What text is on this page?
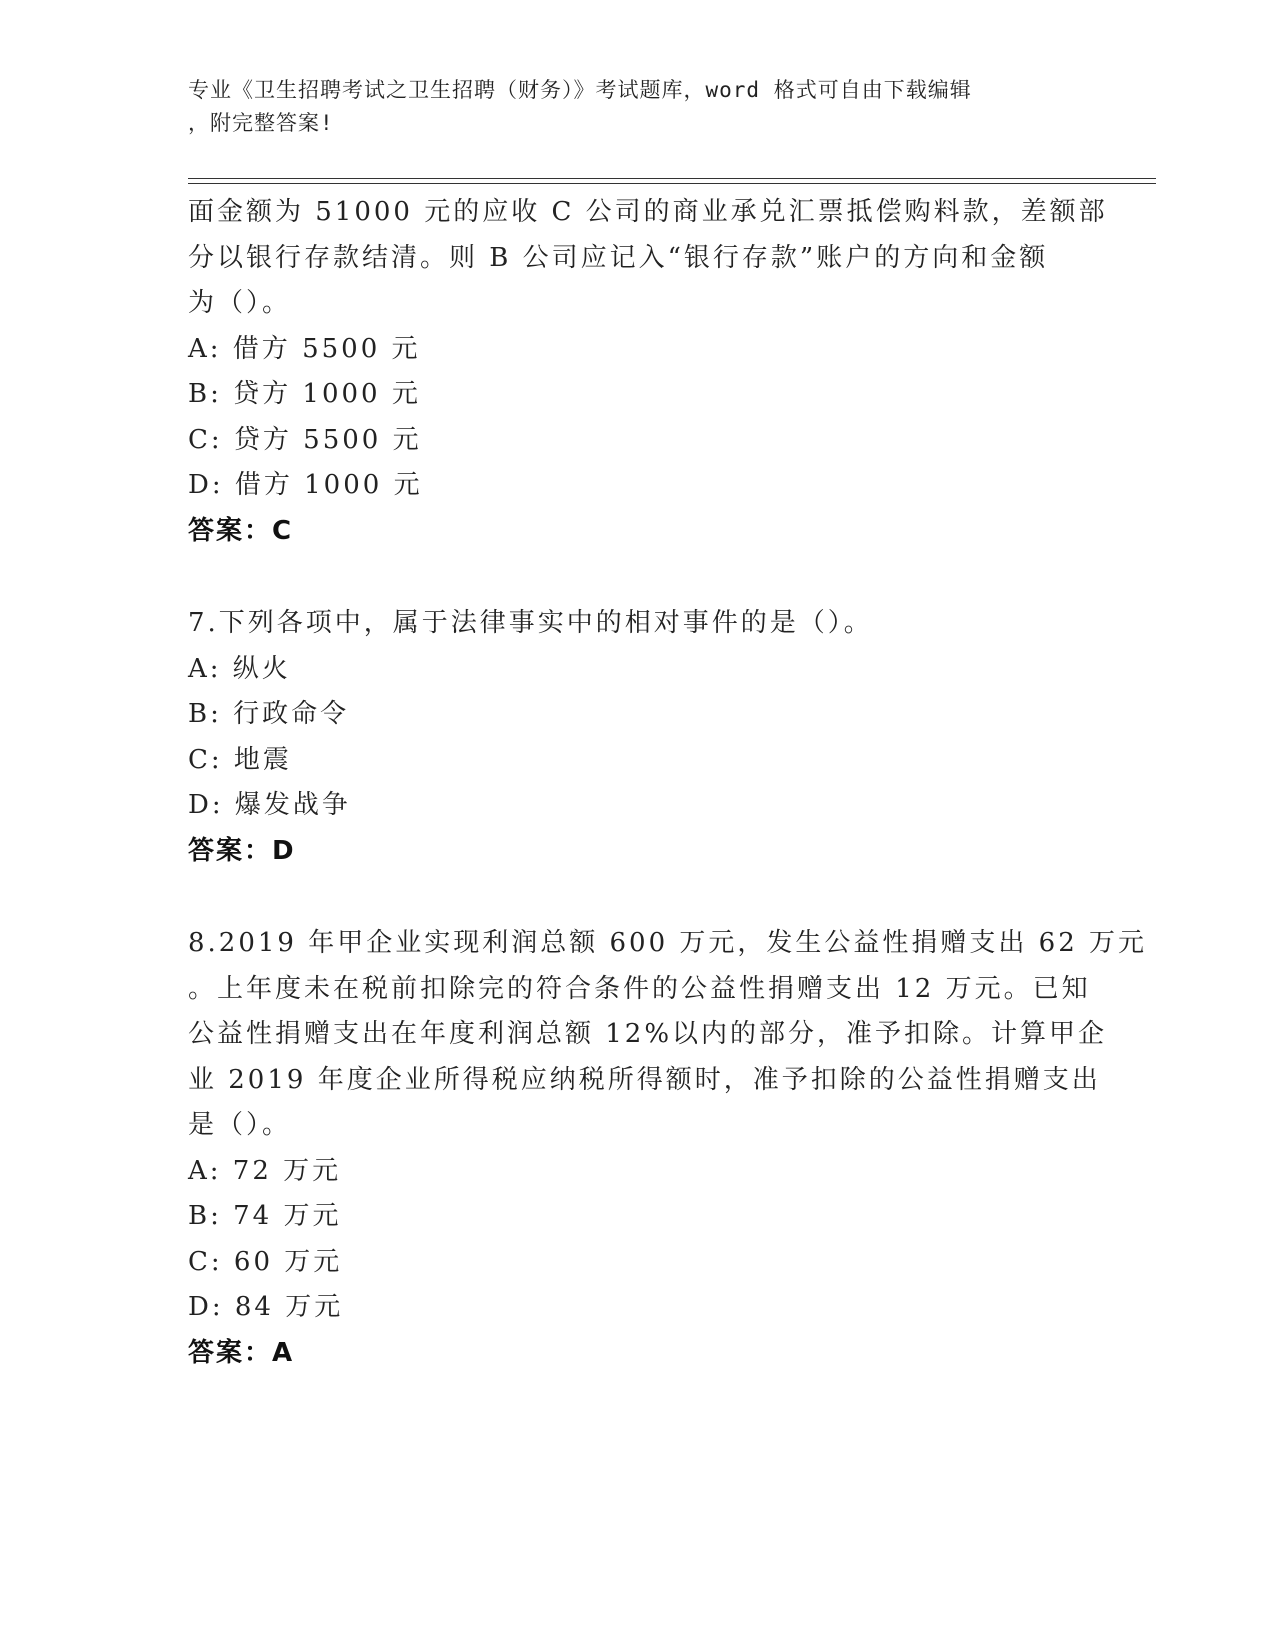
专业《卫生招聘考试之卫生招聘（财务）》考试题库，word 格式可自由下载编辑
，附完整答案!
面金额为 51000 元的应收 C 公司的商业承兑汇票抵偿购料款，差额部
分以银行存款结清。则 B 公司应记入“银行存款”账户的方向和金额
为（）。
A: 借方 5500 元
B: 贷方 1000 元
C: 贷方 5500 元
D: 借方 1000 元
答案：C
7.下列各项中，属于法律事实中的相对事件的是（）。
A: 纵火
B: 行政命令
C: 地震
D: 爆发战争
答案：D
8.2019 年甲企业实现利润总额 600 万元，发生公益性捐赠支出 62 万元
。上年度未在税前扣除完的符合条件的公益性捐赠支出 12 万元。已知
公益性捐赠支出在年度利润总额 12%以内的部分，准予扣除。计算甲企
业 2019 年度企业所得税应纳税所得额时，准予扣除的公益性捐赠支出
是（）。
A: 72 万元
B: 74 万元
C: 60 万元
D: 84 万元
答案：A
